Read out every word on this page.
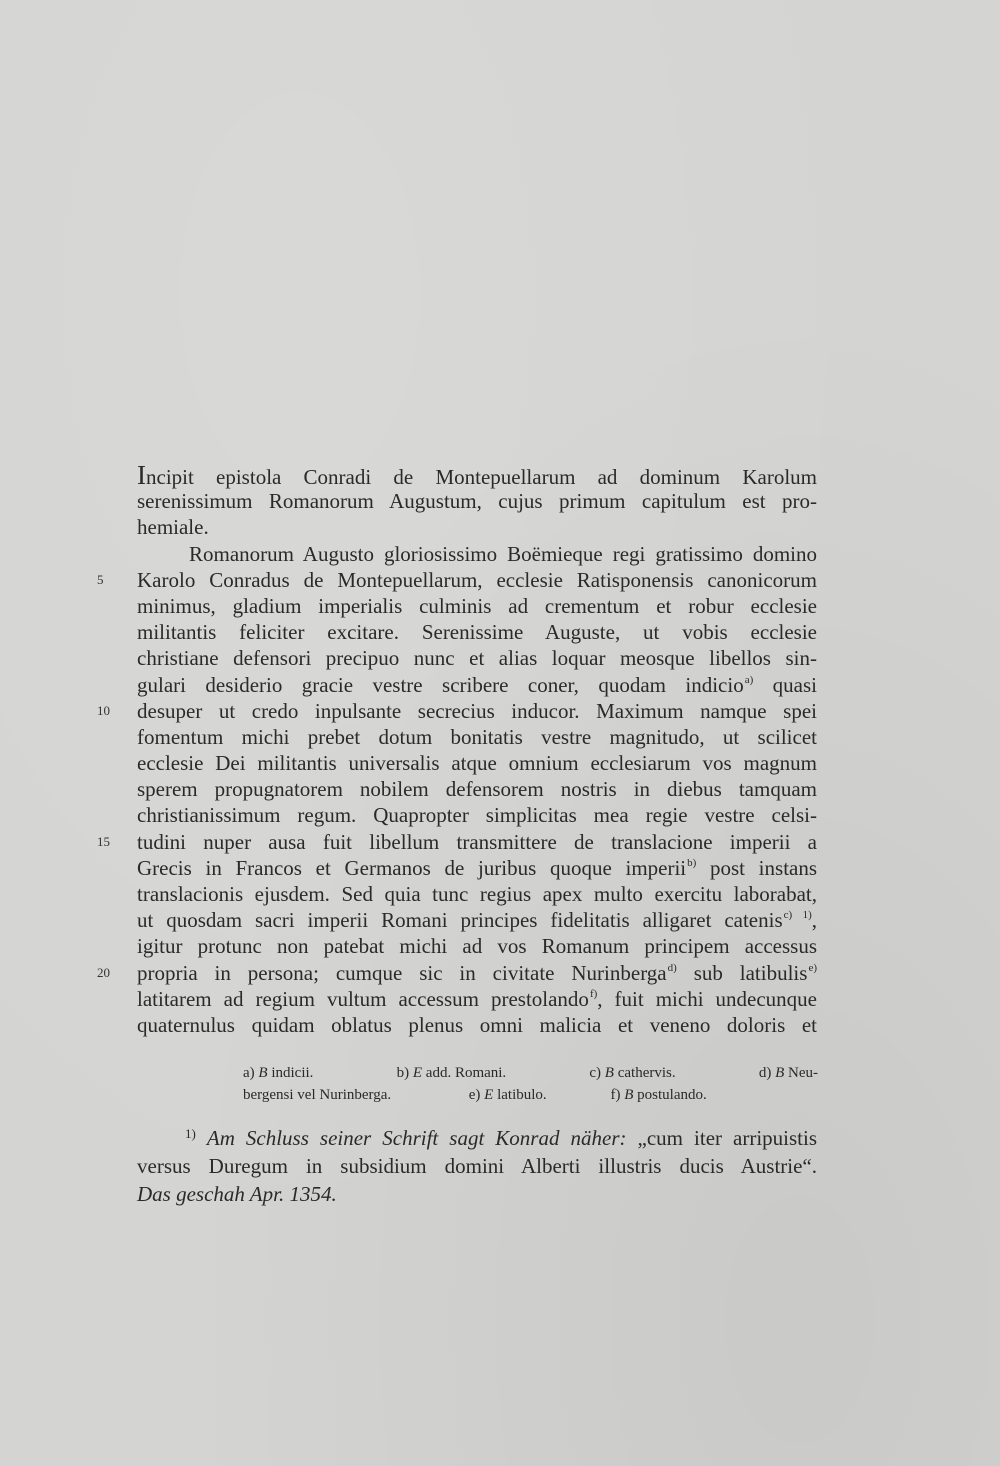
Incipit epistola Conradi de Montepuellarum ad dominum Karolum
serenissimum Romanorum Augustum, cujus primum capitulum est pro-
hemiale.
Romanorum Augusto gloriosissimo Boëmieque regi gratissimo domino
5	Karolo Conradus de Montepuellarum, ecclesie Ratisponensis canonicorum
minimus, gladium imperialis culminis ad crementum et robur ecclesie
militantis feliciter excitare. Serenissime Auguste, ut vobis ecclesie
christiane defensori precipuo nunc et alias loquar meosque libellos sin-
gulari desiderio gracie vestre scribere coner, quodam indicio$^{a)}$ quasi
10	desuper ut credo inpulsante secrecius inducor. Maximum namque spei
fomentum michi prebet dotum bonitatis vestre magnitudo, ut scilicet
ecclesie Dei militantis universalis atque omnium ecclesiarum vos magnum
sperem propugnatorem nobilem defensorem nostris in diebus tamquam
christianissimum regum. Quapropter simplicitas mea regie vestre celsi-
15	tudini nuper ausa fuit libellum transmittere de translacione imperii a
Grecis in Francos et Germanos de juribus quoque imperii$^{b)}$ post instans
translacionis ejusdem. Sed quia tunc regius apex multo exercitu laborabat,
ut quosdam sacri imperii Romani principes fidelitatis alligaret catenis$^{c) 1)}$,
igitur protunc non patebat michi ad vos Romanum principem accessus
20	propria in persona; cumque sic in civitate Nurinberga$^{d)}$ sub latibulis$^{e)}$
latitarem ad regium vultum accessum prestolando$^{f)}$, fuit michi undecunque
quaternulus quidam oblatus plenus omni malicia et veneno doloris et
a) B indicii.	b) E add. Romani.	c) B cathervis.	d) B Neu-
bergensi vel Nurinberga.	e) E latibulo.	f) B postulando.
$^{1)}$ Am Schluss seiner Schrift sagt Konrad näher: „cum iter arripuistis
versus Duregum in subsidium domini Alberti illustris ducis Austrie“.
Das geschah Apr. 1354.
